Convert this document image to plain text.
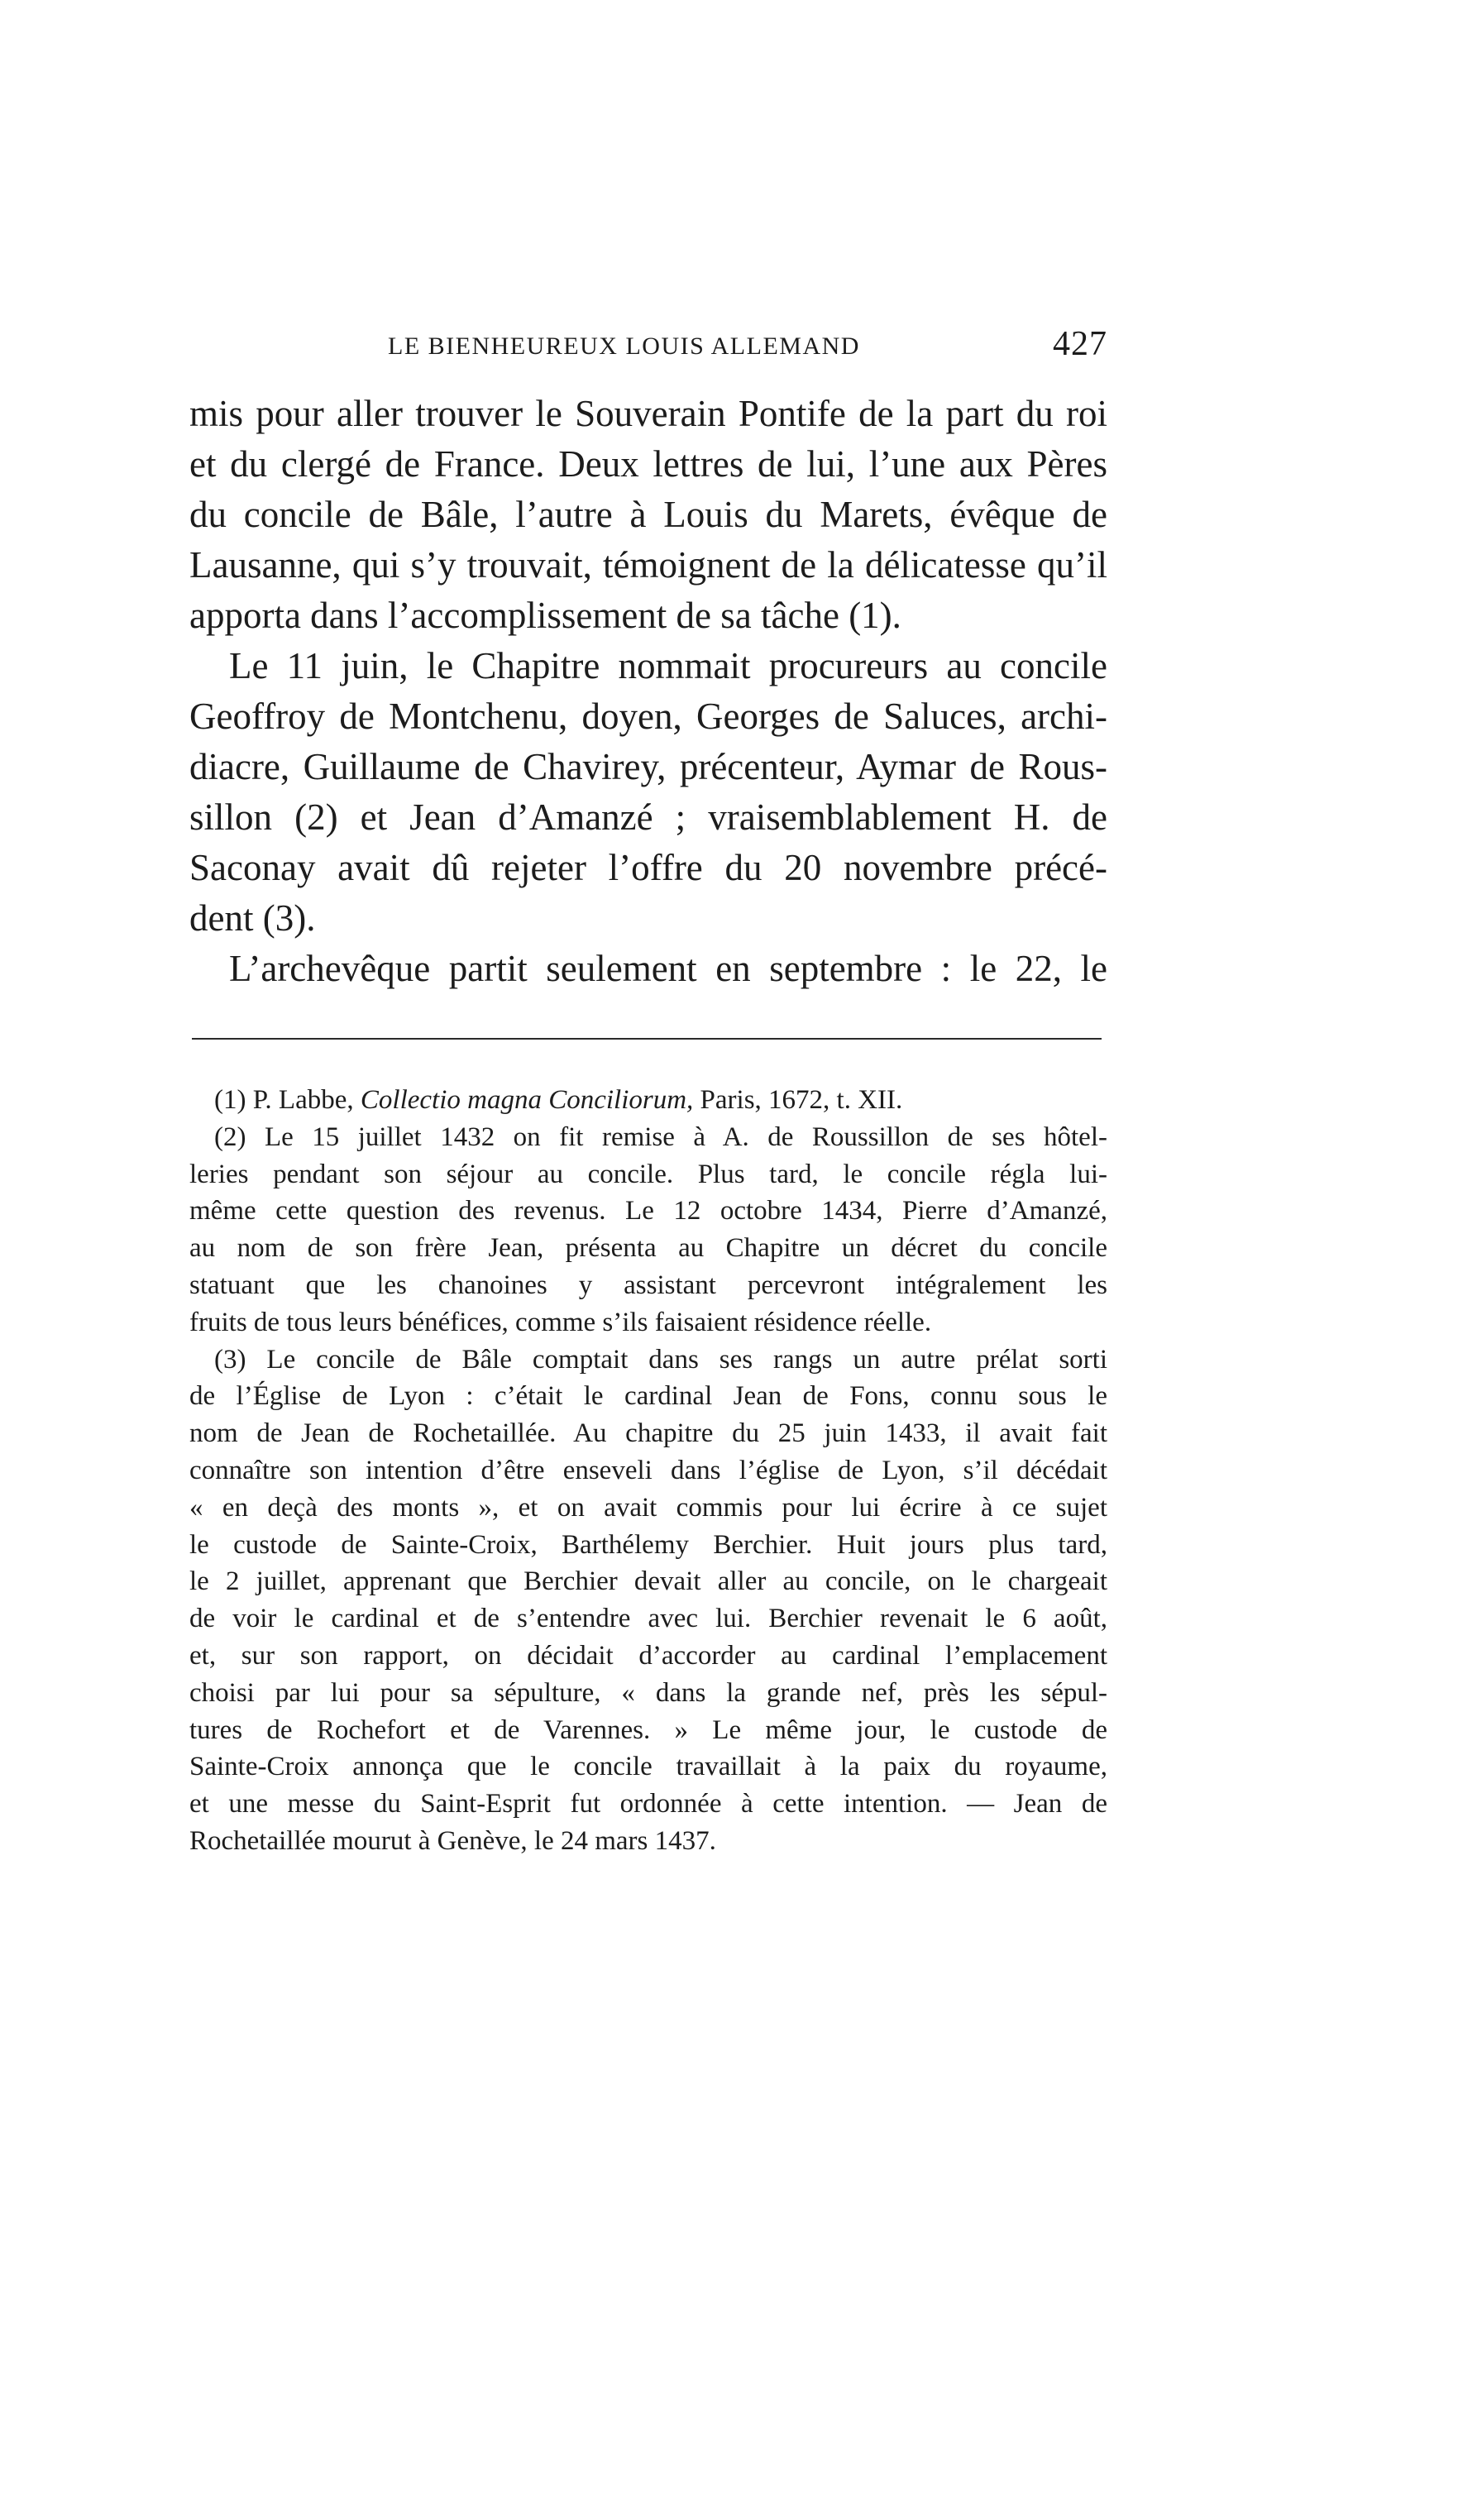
LE BIENHEUREUX LOUIS ALLEMAND	427
mis pour aller trouver le Souverain Pontife de la part du roi
et du clergé de France. Deux lettres de lui, l’une aux Pères
du concile de Bâle, l’autre à Louis du Marets, évêque de
Lausanne, qui s’y trouvait, témoignent de la délicatesse qu’il
apporta dans l’accomplissement de sa tâche (1).
Le 11 juin, le Chapitre nommait procureurs au concile
Geoffroy de Montchenu, doyen, Georges de Saluces, archi-
diacre, Guillaume de Chavirey, précenteur, Aymar de Rous-
sillon (2) et Jean d’Amanzé ; vraisemblablement H. de
Saconay avait dû rejeter l’offre du 20 novembre précé-
dent (3).
L’archevêque partit seulement en septembre : le 22, le
(1) P. Labbe, Collectio magna Conciliorum, Paris, 1672, t. XII.
(2) Le 15 juillet 1432 on fit remise à A. de Roussillon de ses hôtel-
leries pendant son séjour au concile. Plus tard, le concile régla lui-
même cette question des revenus. Le 12 octobre 1434, Pierre d’Amanzé,
au nom de son frère Jean, présenta au Chapitre un décret du concile
statuant que les chanoines y assistant percevront intégralement les
fruits de tous leurs bénéfices, comme s’ils faisaient résidence réelle.
(3) Le concile de Bâle comptait dans ses rangs un autre prélat sorti
de l’Église de Lyon : c’était le cardinal Jean de Fons, connu sous le
nom de Jean de Rochetaillée. Au chapitre du 25 juin 1433, il avait fait
connaître son intention d’être enseveli dans l’église de Lyon, s’il décédait
« en deçà des monts », et on avait commis pour lui écrire à ce sujet
le custode de Sainte-Croix, Barthélemy Berchier. Huit jours plus tard,
le 2 juillet, apprenant que Berchier devait aller au concile, on le chargeait
de voir le cardinal et de s’entendre avec lui. Berchier revenait le 6 août,
et, sur son rapport, on décidait d’accorder au cardinal l’emplacement
choisi par lui pour sa sépulture, « dans la grande nef, près les sépul-
tures de Rochefort et de Varennes. » Le même jour, le custode de
Sainte-Croix annonça que le concile travaillait à la paix du royaume,
et une messe du Saint-Esprit fut ordonnée à cette intention. — Jean de
Rochetaillée mourut à Genève, le 24 mars 1437.
